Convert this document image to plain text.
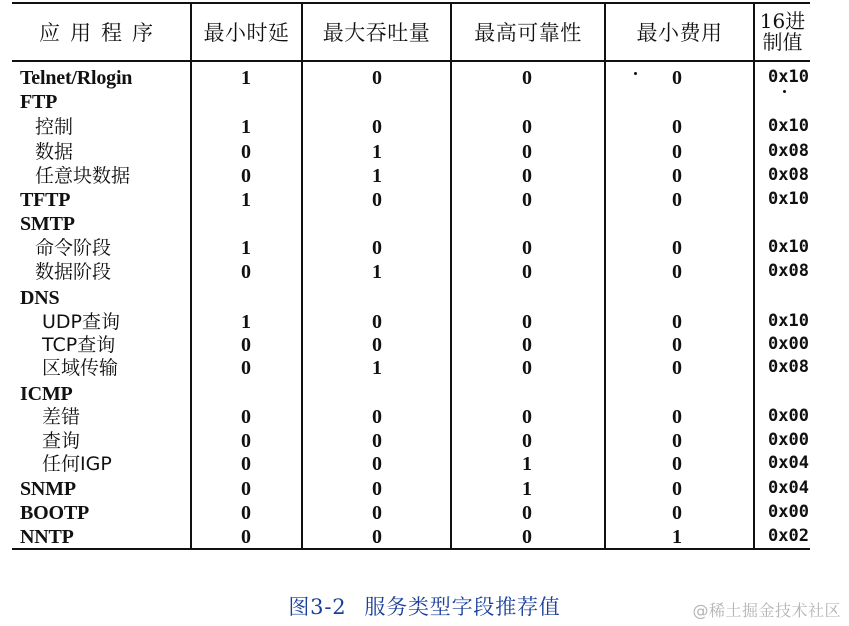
应用程序	最小时延	最大吞吐量	最高可靠性	最小费用	16进制值
Telnet/Rlogin	1	0	0	0	0x10
FTP
控制	1	0	0	0	0x10
数据	0	1	0	0	0x08
任意块数据	0	1	0	0	0x08
TFTP	1	0	0	0	0x10
SMTP
命令阶段	1	0	0	0	0x10
数据阶段	0	1	0	0	0x08
DNS
UDP查询	1	0	0	0	0x10
TCP查询	0	0	0	0	0x00
区域传输	0	1	0	0	0x08
ICMP
差错	0	0	0	0	0x00
查询	0	0	0	0	0x00
任何IGP	0	0	1	0	0x04
SNMP	0	0	1	0	0x04
BOOTP	0	0	0	0	0x00
NNTP	0	0	0	1	0x02
图3-2 服务类型字段推荐值	@稀土掘金技术社区
